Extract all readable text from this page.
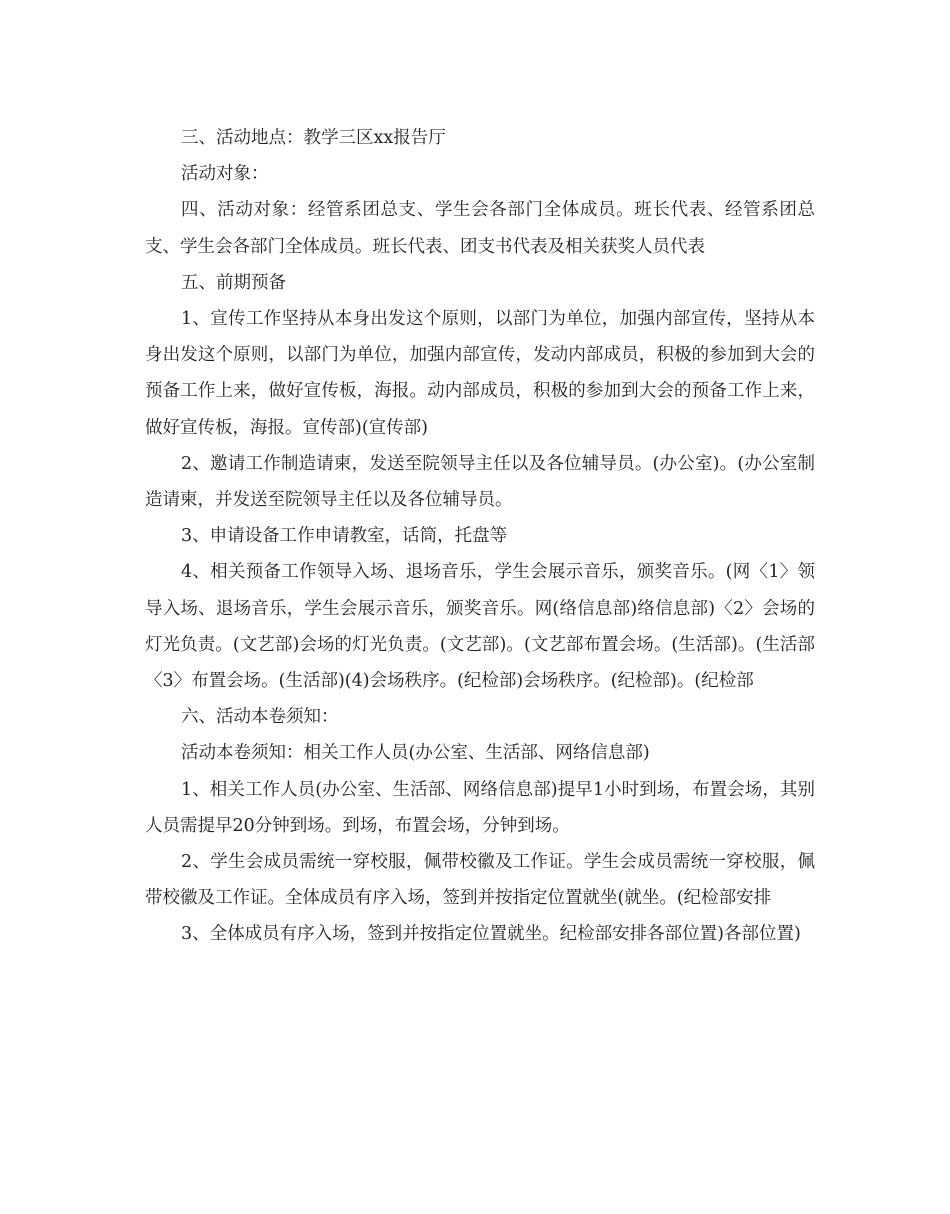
三、活动地点：教学三区xx报告厅

活动对象：

四、活动对象：经管系团总支、学生会各部门全体成员。班长代表、经管系团总支、学生会各部门全体成员。班长代表、团支书代表及相关获奖人员代表

五、前期预备

1、宣传工作坚持从本身出发这个原则，以部门为单位，加强内部宣传，坚持从本身出发这个原则，以部门为单位，加强内部宣传，发动内部成员，积极的参加到大会的预备工作上来，做好宣传板，海报。动内部成员，积极的参加到大会的预备工作上来，做好宣传板，海报。宣传部)(宣传部)

2、邀请工作制造请柬，发送至院领导主任以及各位辅导员。(办公室)。(办公室制造请柬，并发送至院领导主任以及各位辅导员。

3、申请设备工作申请教室，话筒，托盘等

4、相关预备工作领导入场、退场音乐，学生会展示音乐，颁奖音乐。(网〈1〉领导入场、退场音乐，学生会展示音乐，颁奖音乐。网(络信息部)络信息部)〈2〉会场的灯光负责。(文艺部)会场的灯光负责。(文艺部)。(文艺部布置会场。(生活部)。(生活部〈3〉布置会场。(生活部)(4)会场秩序。(纪检部)会场秩序。(纪检部)。(纪检部

六、活动本卷须知：

活动本卷须知：相关工作人员(办公室、生活部、网络信息部)

1、相关工作人员(办公室、生活部、网络信息部)提早1小时到场，布置会场，其别人员需提早20分钟到场。到场，布置会场，分钟到场。

2、学生会成员需统一穿校服，佩带校徽及工作证。学生会成员需统一穿校服，佩带校徽及工作证。全体成员有序入场，签到并按指定位置就坐(就坐。(纪检部安排

3、全体成员有序入场，签到并按指定位置就坐。纪检部安排各部位置)各部位置)
